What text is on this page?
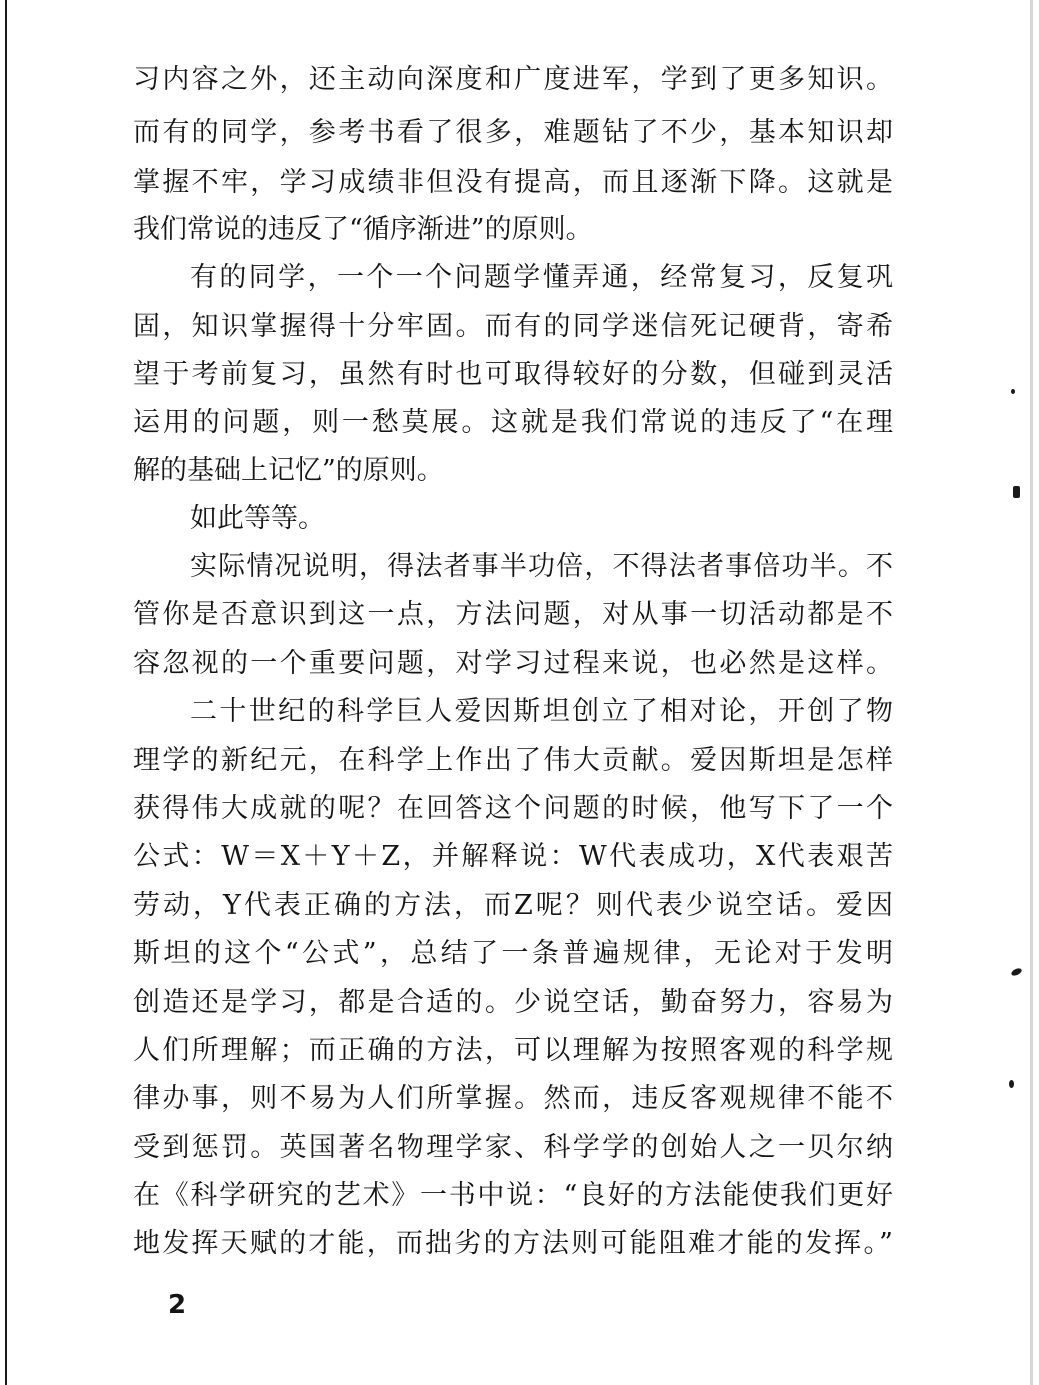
习内容之外，还主动向深度和广度进军，学到了更多知识。
而有的同学，参考书看了很多，难题钻了不少，基本知识却
掌握不牢，学习成绩非但没有提高，而且逐渐下降。这就是
我们常说的违反了“循序渐进”的原则。
有的同学，一个一个问题学懂弄通，经常复习，反复巩
固，知识掌握得十分牢固。而有的同学迷信死记硬背，寄希
望于考前复习，虽然有时也可取得较好的分数，但碰到灵活
运用的问题，则一愁莫展。这就是我们常说的违反了“在理
解的基础上记忆”的原则。
如此等等。
实际情况说明，得法者事半功倍，不得法者事倍功半。不
管你是否意识到这一点，方法问题，对从事一切活动都是不
容忽视的一个重要问题，对学习过程来说，也必然是这样。
二十世纪的科学巨人爱因斯坦创立了相对论，开创了物
理学的新纪元，在科学上作出了伟大贡献。爱因斯坦是怎样
获得伟大成就的呢？在回答这个问题的时候，他写下了一个
公式：W＝X＋Y＋Z，并解释说：W代表成功，X代表艰苦
劳动，Y代表正确的方法，而Z呢？则代表少说空话。爱因
斯坦的这个“公式”，总结了一条普遍规律，无论对于发明
创造还是学习，都是合适的。少说空话，勤奋努力，容易为
人们所理解；而正确的方法，可以理解为按照客观的科学规
律办事，则不易为人们所掌握。然而，违反客观规律不能不
受到惩罚。英国著名物理学家、科学学的创始人之一贝尔纳
在《科学研究的艺术》一书中说：“良好的方法能使我们更好
地发挥天赋的才能，而拙劣的方法则可能阻难才能的发挥。”
2
